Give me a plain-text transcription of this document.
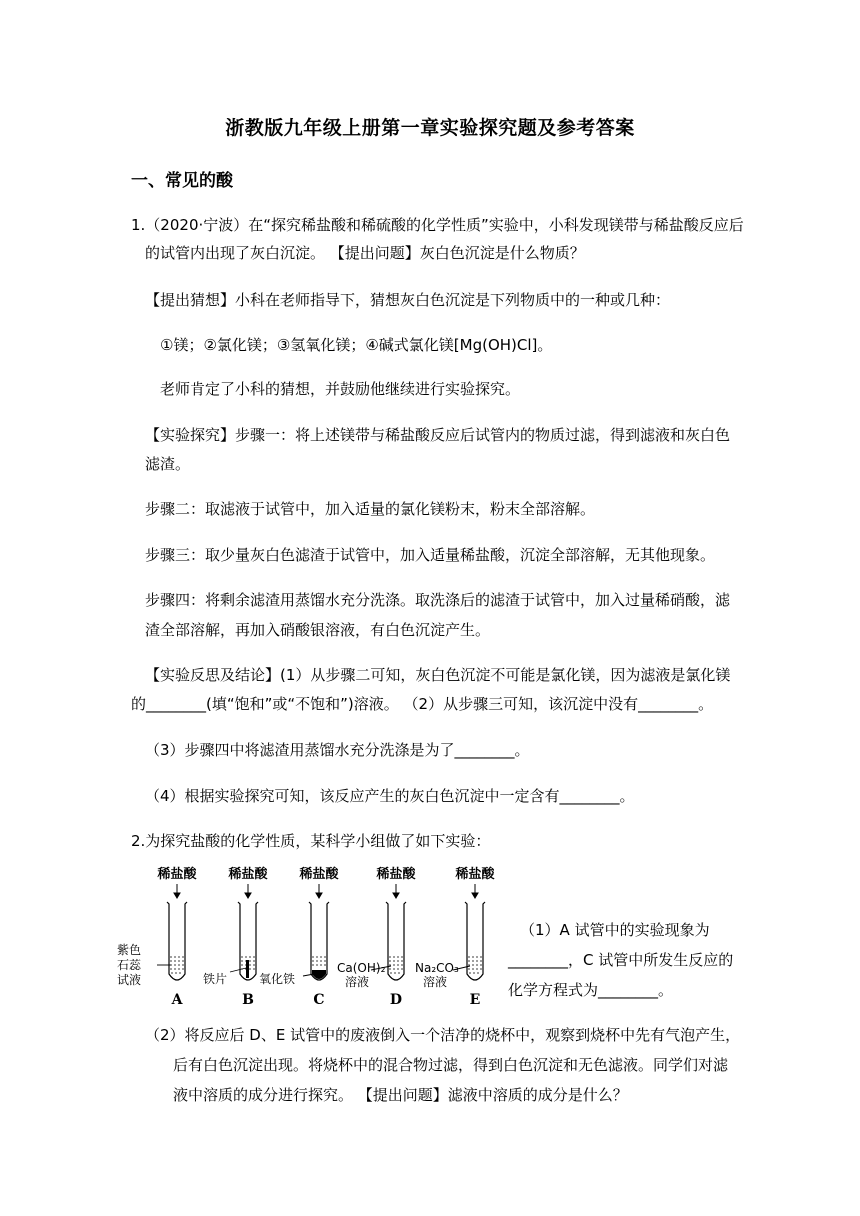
浙教版九年级上册第一章实验探究题及参考答案
一、常见的酸
1.（2020·宁波）在“探究稀盐酸和稀硫酸的化学性质”实验中，小科发现镁带与稀盐酸反应后
的试管内出现了灰白沉淀。 【提出问题】灰白色沉淀是什么物质？
【提出猜想】小科在老师指导下，猜想灰白色沉淀是下列物质中的一种或几种：
①镁；②氯化镁；③氢氧化镁；④碱式氯化镁[Mg(OH)Cl]。
老师肯定了小科的猜想，并鼓励他继续进行实验探究。
【实验探究】步骤一：将上述镁带与稀盐酸反应后试管内的物质过滤，得到滤液和灰白色
滤渣。
步骤二：取滤液于试管中，加入适量的氯化镁粉末，粉末全部溶解。
步骤三：取少量灰白色滤渣于试管中，加入适量稀盐酸，沉淀全部溶解，无其他现象。
步骤四：将剩余滤渣用蒸馏水充分洗涤。取洗涤后的滤渣于试管中，加入过量稀硝酸，滤
渣全部溶解，再加入硝酸银溶液，有白色沉淀产生。
【实验反思及结论】(1）从步骤二可知，灰白色沉淀不可能是氯化镁，因为滤液是氯化镁
的________(填“饱和”或“不饱和”)溶液。 （2）从步骤三可知，该沉淀中没有________。
（3）步骤四中将滤渣用蒸馏水充分洗涤是为了________。
（4）根据实验探究可知，该反应产生的灰白色沉淀中一定含有________。
2.为探究盐酸的化学性质，某科学小组做了如下实验：
稀盐酸 稀盐酸 稀盐酸	稀盐酸	稀盐酸
紫色
石蕊
试液	铁片	氧化铁
Ca(OH)₂
溶液
Na₂CO₃
溶液
A	B	C	D	E
（1）A 试管中的实验现象为
________，C 试管中所发生反应的
化学方程式为________。
（2）将反应后 D、E 试管中的废液倒入一个洁净的烧杯中，观察到烧杯中先有气泡产生，
后有白色沉淀出现。将烧杯中的混合物过滤，得到白色沉淀和无色滤液。同学们对滤
液中溶质的成分进行探究。 【提出问题】滤液中溶质的成分是什么？
